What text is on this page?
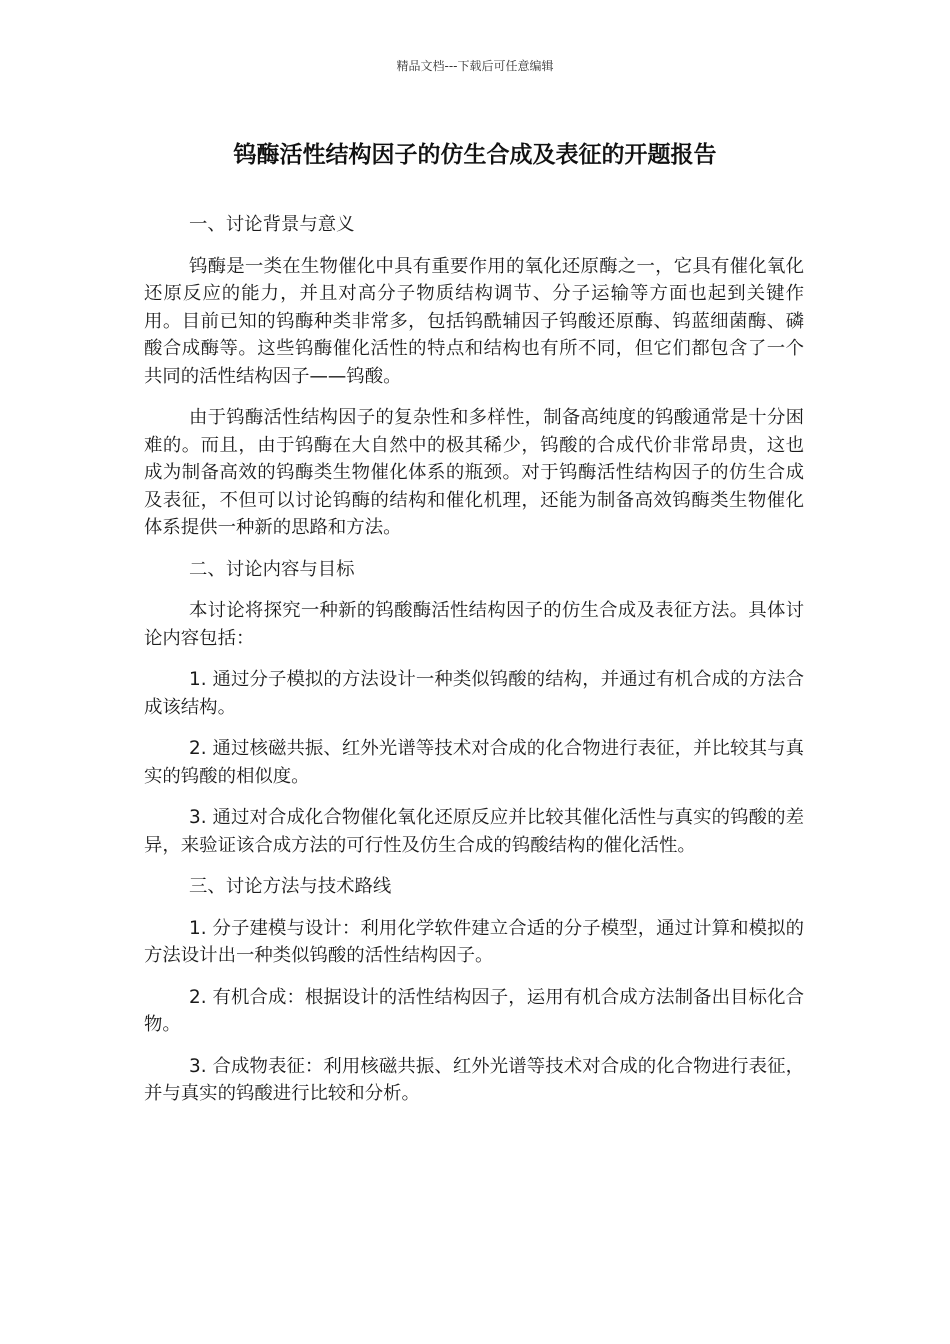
精品文档---下载后可任意编辑
钨酶活性结构因子的仿生合成及表征的开题报告

一、讨论背景与意义

钨酶是一类在生物催化中具有重要作用的氧化还原酶之一，它具有催化氧化还原反应的能力，并且对高分子物质结构调节、分子运输等方面也起到关键作用。目前已知的钨酶种类非常多，包括钨酰辅因子钨酸还原酶、钨蓝细菌酶、磷酸合成酶等。这些钨酶催化活性的特点和结构也有所不同，但它们都包含了一个共同的活性结构因子——钨酸。

由于钨酶活性结构因子的复杂性和多样性，制备高纯度的钨酸通常是十分困难的。而且，由于钨酶在大自然中的极其稀少，钨酸的合成代价非常昂贵，这也成为制备高效的钨酶类生物催化体系的瓶颈。对于钨酶活性结构因子的仿生合成及表征，不但可以讨论钨酶的结构和催化机理，还能为制备高效钨酶类生物催化体系提供一种新的思路和方法。

二、讨论内容与目标

本讨论将探究一种新的钨酸酶活性结构因子的仿生合成及表征方法。具体讨论内容包括：

1. 通过分子模拟的方法设计一种类似钨酸的结构，并通过有机合成的方法合成该结构。

2. 通过核磁共振、红外光谱等技术对合成的化合物进行表征，并比较其与真实的钨酸的相似度。

3. 通过对合成化合物催化氧化还原反应并比较其催化活性与真实的钨酸的差异，来验证该合成方法的可行性及仿生合成的钨酸结构的催化活性。

三、讨论方法与技术路线

1. 分子建模与设计：利用化学软件建立合适的分子模型，通过计算和模拟的方法设计出一种类似钨酸的活性结构因子。

2. 有机合成：根据设计的活性结构因子，运用有机合成方法制备出目标化合物。

3. 合成物表征：利用核磁共振、红外光谱等技术对合成的化合物进行表征，并与真实的钨酸进行比较和分析。
